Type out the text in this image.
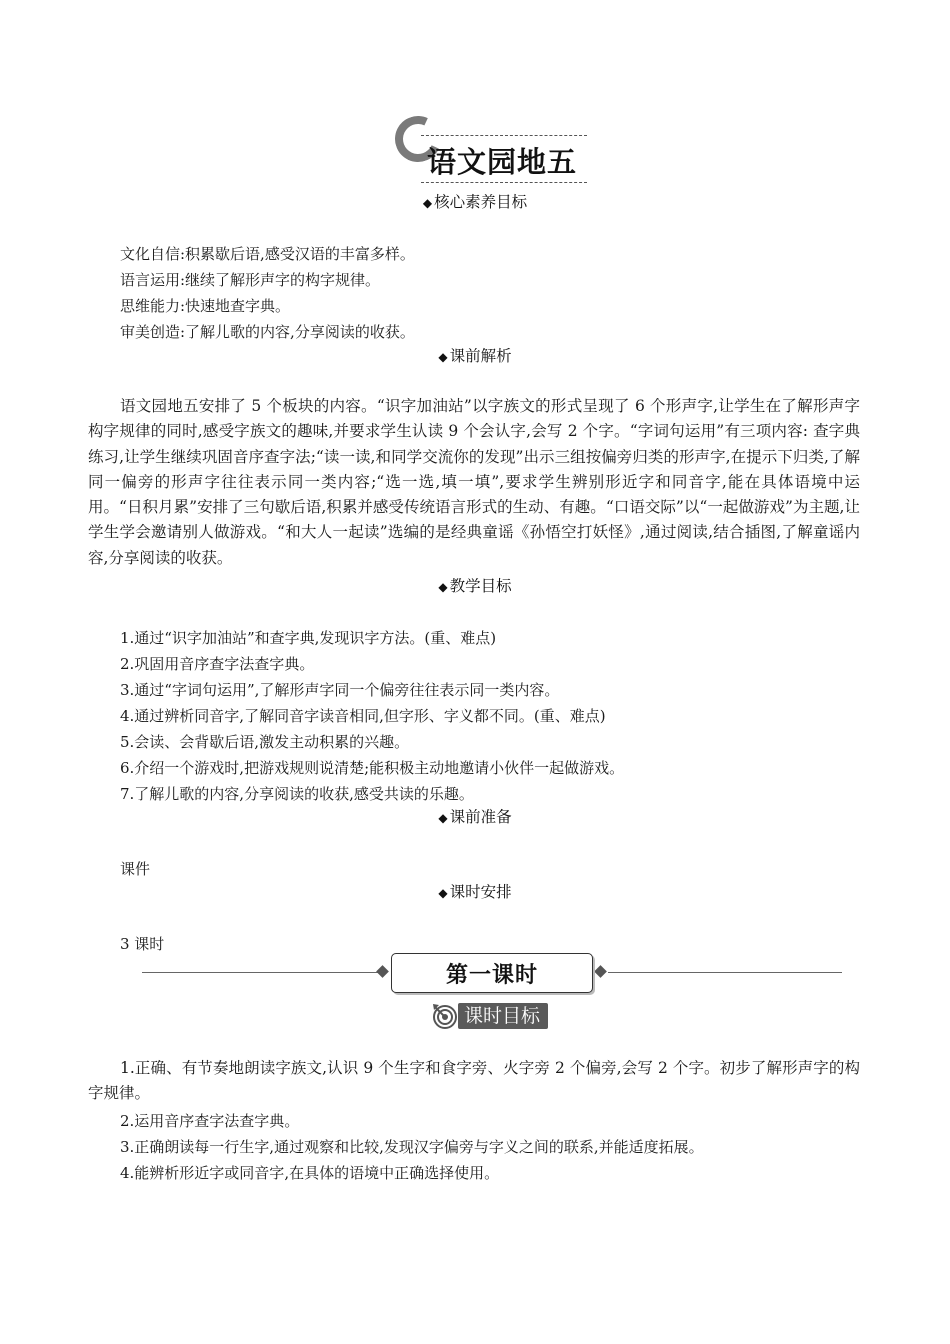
语文园地五
◆ 核心素养目标
文化自信:积累歇后语,感受汉语的丰富多样。
语言运用:继续了解形声字的构字规律。
思维能力:快速地查字典。
审美创造:了解儿歌的内容,分享阅读的收获。
◆ 课前解析
语文园地五安排了 5 个板块的内容。“识字加油站”以字族文的形式呈现了 6 个形声字,让学生在了解形声字构字规律的同时,感受字族文的趣味,并要求学生认读 9 个会认字,会写 2 个字。“字词句运用”有三项内容: 查字典练习,让学生继续巩固音序查字法;“读一读,和同学交流你的发现”出示三组按偏旁归类的形声字,在提示下归类,了解同一偏旁的形声字往往表示同一类内容;“选一选,填一填”,要求学生辨别形近字和同音字,能在具体语境中运用。“日积月累”安排了三句歇后语,积累并感受传统语言形式的生动、有趣。“口语交际”以“一起做游戏”为主题,让学生学会邀请别人做游戏。“和大人一起读”选编的是经典童谣《孙悟空打妖怪》,通过阅读,结合插图,了解童谣内容,分享阅读的收获。
◆ 教学目标
1.通过“识字加油站”和查字典,发现识字方法。(重、难点)
2.巩固用音序查字法查字典。
3.通过“字词句运用”,了解形声字同一个偏旁往往表示同一类内容。
4.通过辨析同音字,了解同音字读音相同,但字形、字义都不同。(重、难点)
5.会读、会背歇后语,激发主动积累的兴趣。
6.介绍一个游戏时,把游戏规则说清楚;能积极主动地邀请小伙伴一起做游戏。
7.了解儿歌的内容,分享阅读的收获,感受共读的乐趣。
◆ 课前准备
课件
◆ 课时安排
3 课时
第一课时
课时目标
1.正确、有节奏地朗读字族文,认识 9 个生字和食字旁、火字旁 2 个偏旁,会写 2 个字。初步了解形声字的构字规律。
2.运用音序查字法查字典。
3.正确朗读每一行生字,通过观察和比较,发现汉字偏旁与字义之间的联系,并能适度拓展。
4.能辨析形近字或同音字,在具体的语境中正确选择使用。
